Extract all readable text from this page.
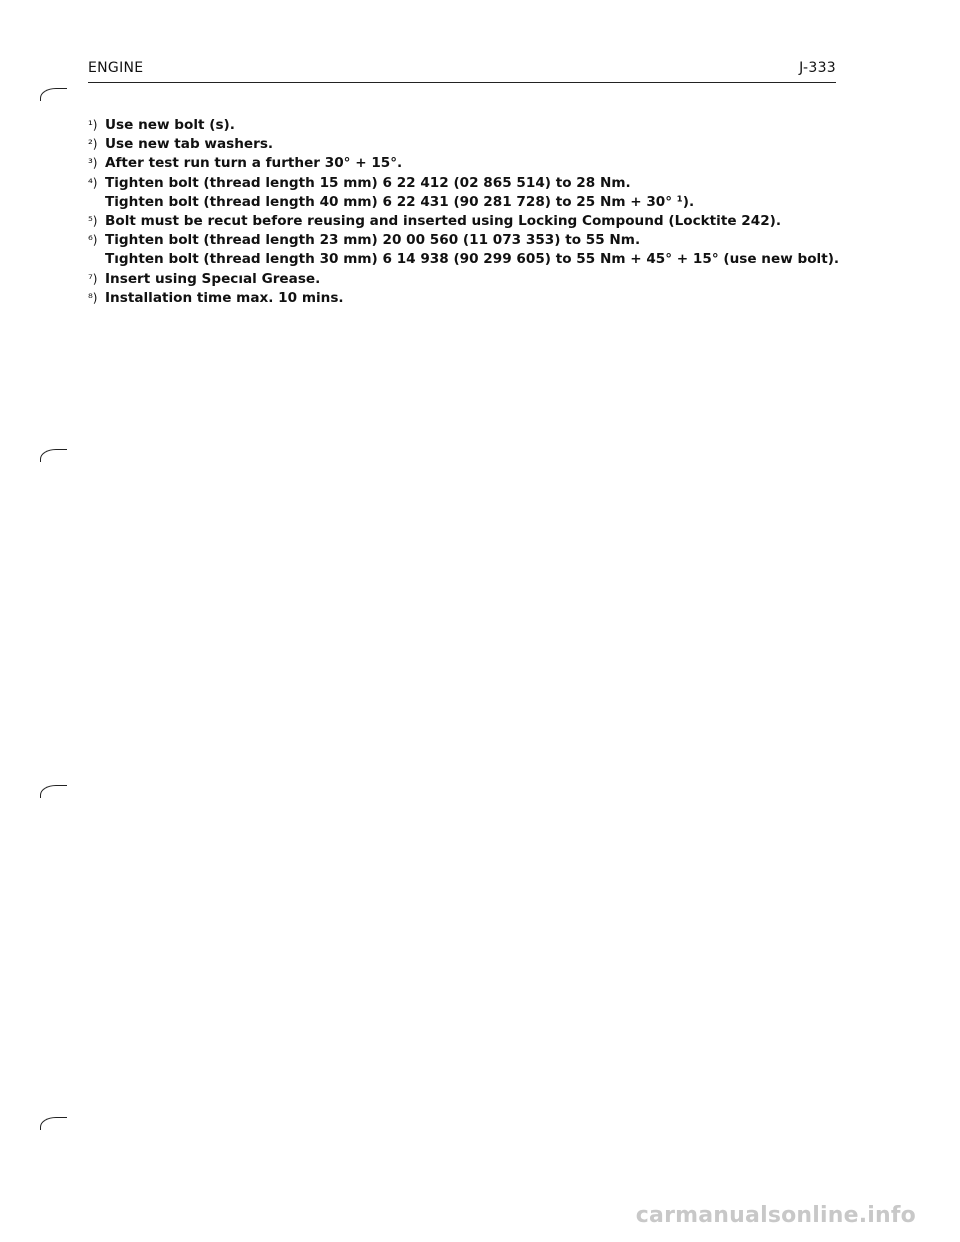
ENGINE	J-333
¹) Use new bolt (s).
²) Use new tab washers.
³) After test run turn a further 30° + 15°.
⁴) Tighten bolt (thread length 15 mm) 6 22 412 (02 865 514) to 28 Nm.
Tighten bolt (thread length 40 mm) 6 22 431 (90 281 728) to 25 Nm + 30° ¹).
⁵) Bolt must be recut before reusing and inserted using Locking Compound (Locktite 242).
⁶) Tighten bolt (thread length 23 mm) 20 00 560 (11 073 353) to 55 Nm.
Tıghten bolt (thread length 30 mm) 6 14 938 (90 299 605) to 55 Nm + 45° + 15° (use new bolt).
⁷) Insert using Specıal Grease.
⁸) Installation time max. 10 mins.
carmanualsonline.info
